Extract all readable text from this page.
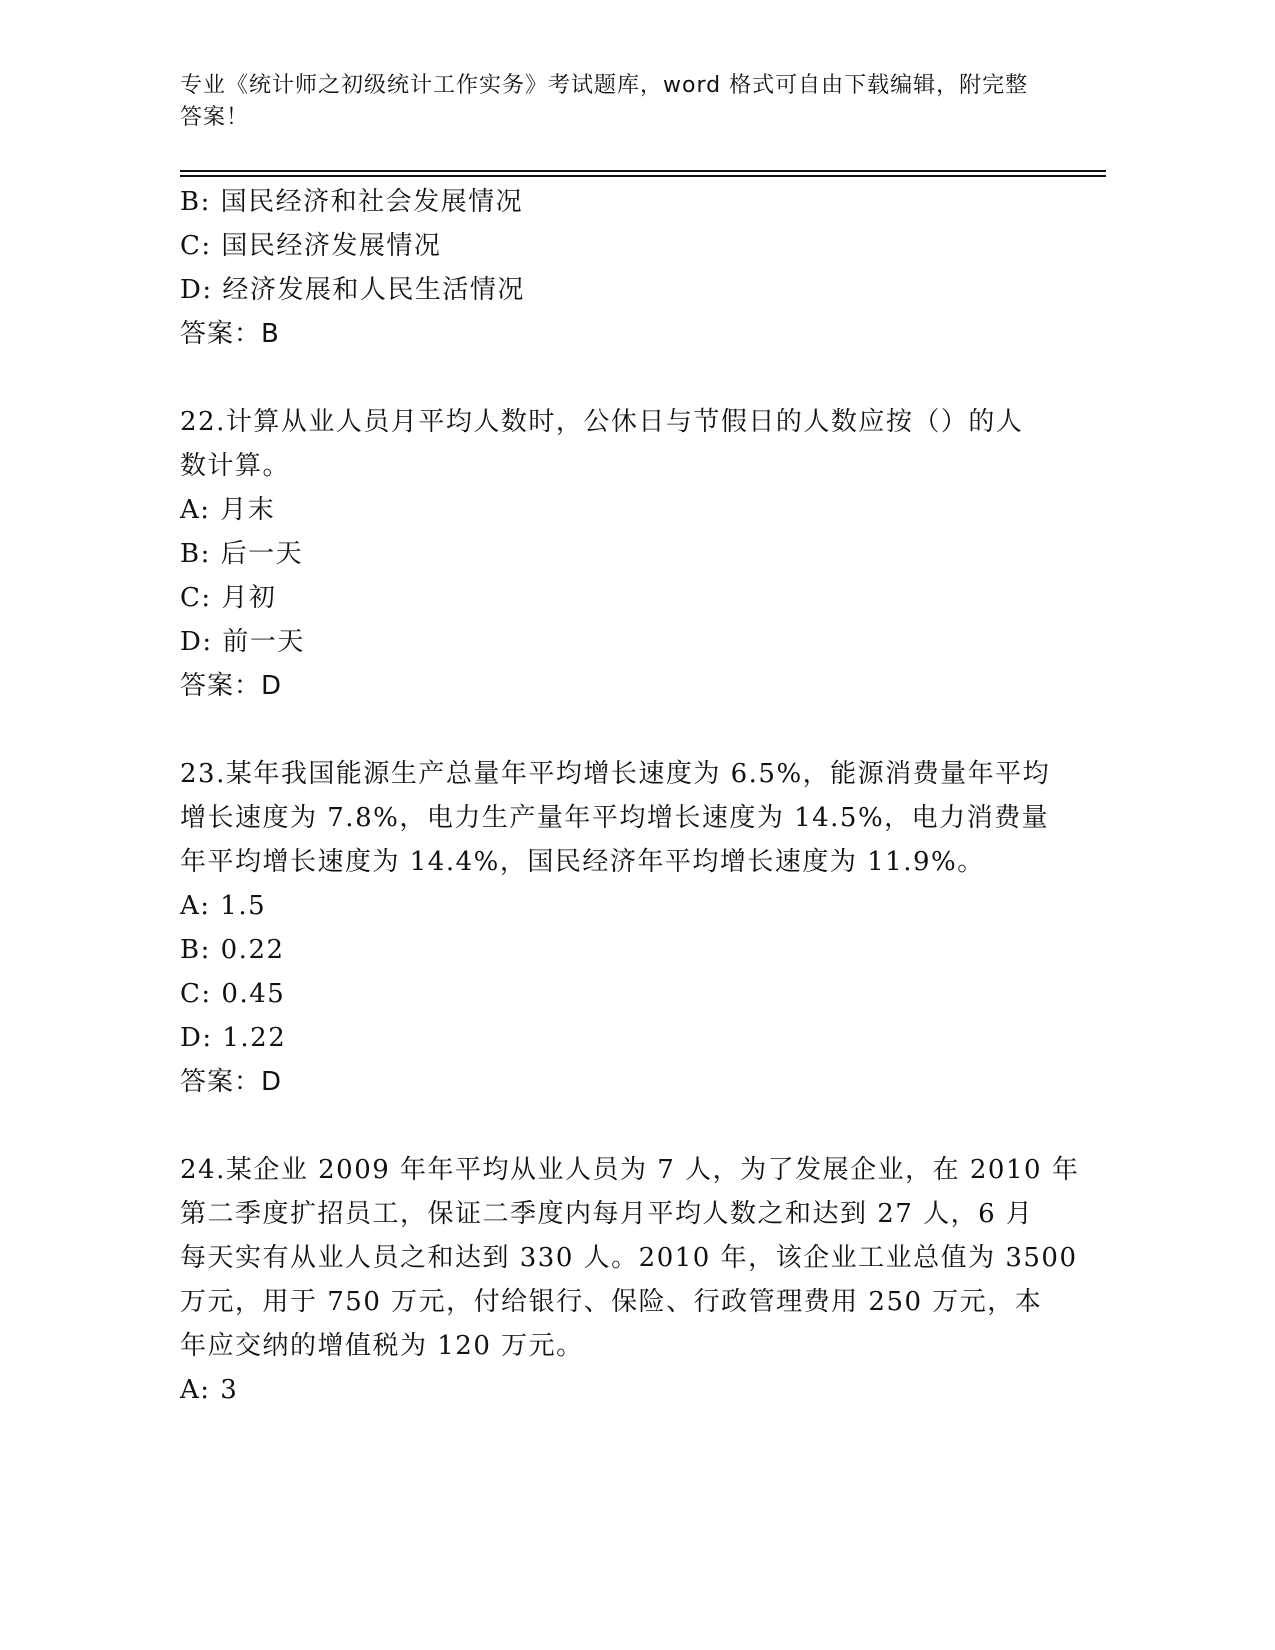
专业《统计师之初级统计工作实务》考试题库，word 格式可自由下载编辑，附完整答案！
B: 国民经济和社会发展情况
C: 国民经济发展情况
D: 经济发展和人民生活情况
答案：B
22.计算从业人员月平均人数时，公休日与节假日的人数应按（）的人
数计算。
A: 月末
B: 后一天
C: 月初
D: 前一天
答案：D
23.某年我国能源生产总量年平均增长速度为 6.5%，能源消费量年平均
增长速度为 7.8%，电力生产量年平均增长速度为 14.5%，电力消费量
年平均增长速度为 14.4%，国民经济年平均增长速度为 11.9%。
A: 1.5
B: 0.22
C: 0.45
D: 1.22
答案：D
24.某企业 2009 年年平均从业人员为 7 人，为了发展企业，在 2010 年
第二季度扩招员工，保证二季度内每月平均人数之和达到 27 人，6 月
每天实有从业人员之和达到 330 人。2010 年，该企业工业总值为 3500
万元，用于 750 万元，付给银行、保险、行政管理费用 250 万元，本
年应交纳的增值税为 120 万元。
A: 3
